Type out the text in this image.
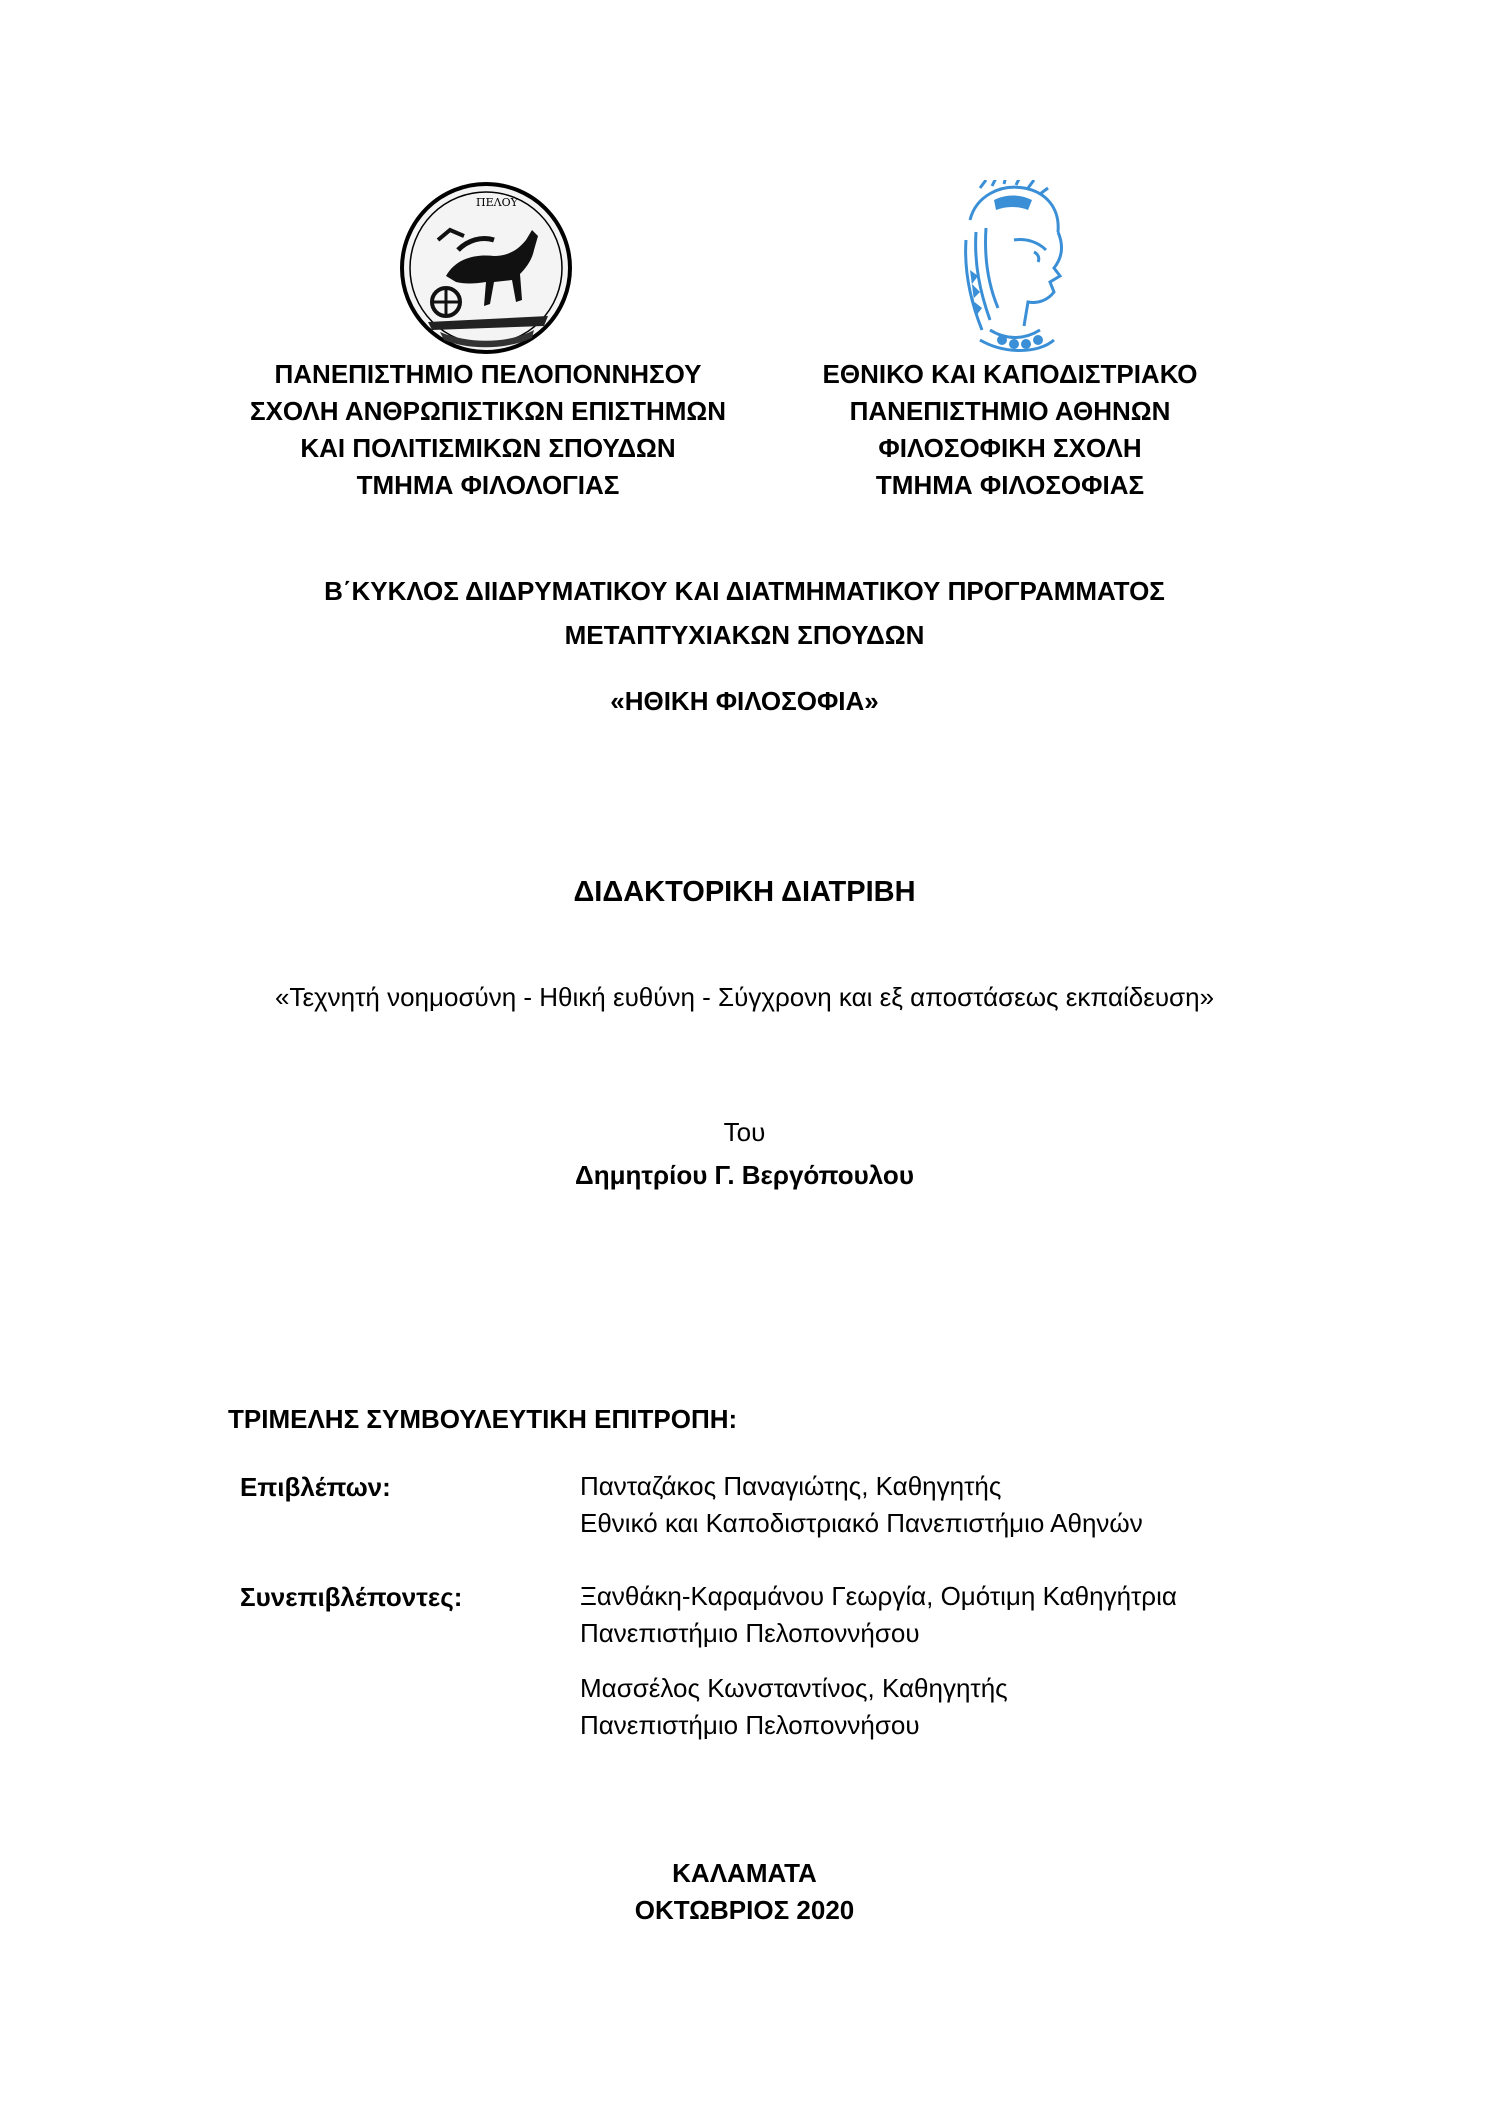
ΠΕΛΟΥ
ΠΑΝΕΠΙΣΤΗΜΙΟ ΠΕΛΟΠΟΝΝΗΣΟΥ
ΣΧΟΛΗ ΑΝΘΡΩΠΙΣΤΙΚΩΝ ΕΠΙΣΤΗΜΩΝ
ΚΑΙ ΠΟΛΙΤΙΣΜΙΚΩΝ ΣΠΟΥΔΩΝ
ΤΜΗΜΑ ΦΙΛΟΛΟΓΙΑΣ
ΕΘΝΙΚΟ ΚΑΙ ΚΑΠΟΔΙΣΤΡΙΑΚΟ
ΠΑΝΕΠΙΣΤΗΜΙΟ ΑΘΗΝΩΝ
ΦΙΛΟΣΟΦΙΚΗ ΣΧΟΛΗ
ΤΜΗΜΑ ΦΙΛΟΣΟΦΙΑΣ
Β΄ΚΥΚΛΟΣ ΔΙΙΔΡΥΜΑΤΙΚΟΥ ΚΑΙ ΔΙΑΤΜΗΜΑΤΙΚΟΥ ΠΡΟΓΡΑΜΜΑΤΟΣ
ΜΕΤΑΠΤΥΧΙΑΚΩΝ ΣΠΟΥΔΩΝ
«ΗΘΙΚΗ ΦΙΛΟΣΟΦΙΑ»
ΔΙΔΑΚΤΟΡΙΚΗ ΔΙΑΤΡΙΒΗ
«Τεχνητή νοημοσύνη - Ηθική ευθύνη - Σύγχρονη και εξ αποστάσεως εκπαίδευση»
Του
Δημητρίου Γ. Βεργόπουλου
ΤΡΙΜΕΛΗΣ ΣΥΜΒΟΥΛΕΥΤΙΚΗ ΕΠΙΤΡΟΠΗ:
Επιβλέπων:	Πανταζάκος Παναγιώτης, Καθηγητής
Εθνικό και Καποδιστριακό Πανεπιστήμιο Αθηνών
Συνεπιβλέποντες:	Ξανθάκη-Καραμάνου Γεωργία, Ομότιμη Καθηγήτρια
Πανεπιστήμιο Πελοποννήσου
Μασσέλος Κωνσταντίνος, Καθηγητής
Πανεπιστήμιο Πελοποννήσου
ΚΑΛΑΜΑΤΑ
ΟΚΤΩΒΡΙΟΣ 2020
